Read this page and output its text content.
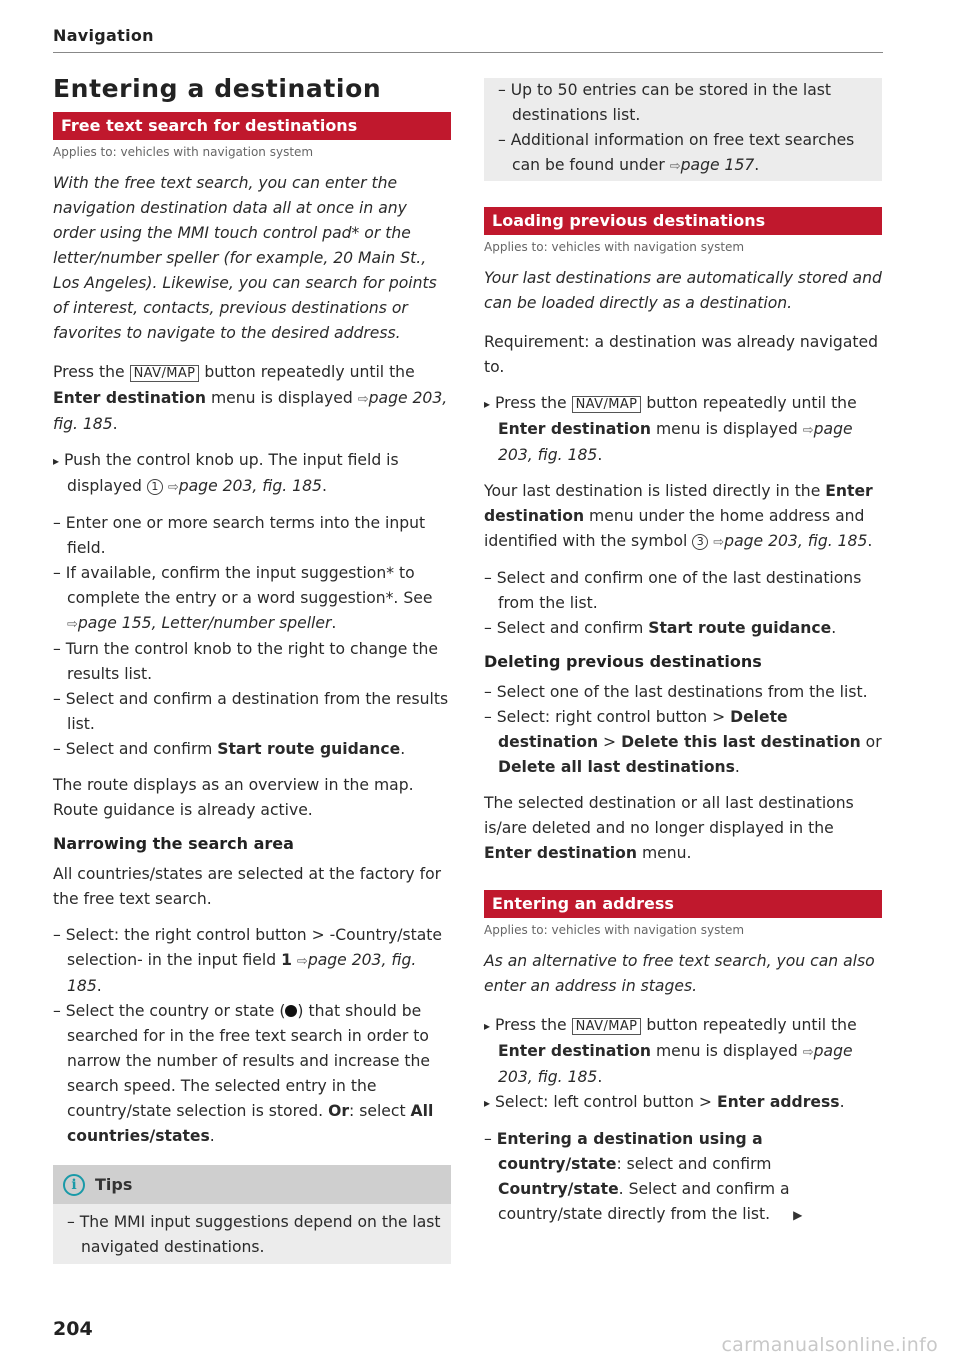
Navigation
Entering a destination
Free text search for destinations
Applies to: vehicles with navigation system

With the free text search, you can enter the navigation destination data all at once in any order using the MMI touch control pad* or the letter/number speller (for example, 20 Main St., Los Angeles). Likewise, you can search for points of interest, contacts, previous destinations or favorites to navigate to the desired address.

Press the NAV/MAP button repeatedly until the Enter destination menu is displayed ⇨page 203, fig. 185.

▸ Push the control knob up. The input field is displayed 1 ⇨page 203, fig. 185.
– Enter one or more search terms into the input field.
– If available, confirm the input suggestion* to complete the entry or a word suggestion*. See ⇨page 155, Letter/number speller.
– Turn the control knob to the right to change the results list.
– Select and confirm a destination from the results list.
– Select and confirm Start route guidance.

The route displays as an overview in the map. Route guidance is already active.

Narrowing the search area

All countries/states are selected at the factory for the free text search.

– Select: the right control button > -Country/state selection- in the input field 1 ⇨page 203, fig. 185.
– Select the country or state ( ) that should be searched for in the free text search in order to narrow the number of results and increase the search speed. The selected entry in the country/state selection is stored. Or: select All countries/states.
i	Tips
– The MMI input suggestions depend on the last navigated destinations.
– Up to 50 entries can be stored in the last destinations list.
– Additional information on free text searches can be found under ⇨page 157.
Loading previous destinations
Applies to: vehicles with navigation system

Your last destinations are automatically stored and can be loaded directly as a destination.

Requirement: a destination was already navigated to.

▸ Press the NAV/MAP button repeatedly until the Enter destination menu is displayed ⇨page 203, fig. 185.

Your last destination is listed directly in the Enter destination menu under the home address and identified with the symbol 3 ⇨page 203, fig. 185.

– Select and confirm one of the last destinations from the list.
– Select and confirm Start route guidance.
Deleting previous destinations
– Select one of the last destinations from the list.
– Select: right control button > Delete destination > Delete this last destination or Delete all last destinations.

The selected destination or all last destinations is/are deleted and no longer displayed in the Enter destination menu.

Entering an address
Applies to: vehicles with navigation system

As an alternative to free text search, you can also enter an address in stages.

▸ Press the NAV/MAP button repeatedly until the Enter destination menu is displayed ⇨page 203, fig. 185.
▸ Select: left control button > Enter address.
– Entering a destination using a country/state: select and confirm Country/state. Select and confirm a country/state directly from the list. ▶
204
carmanualsonline.info
